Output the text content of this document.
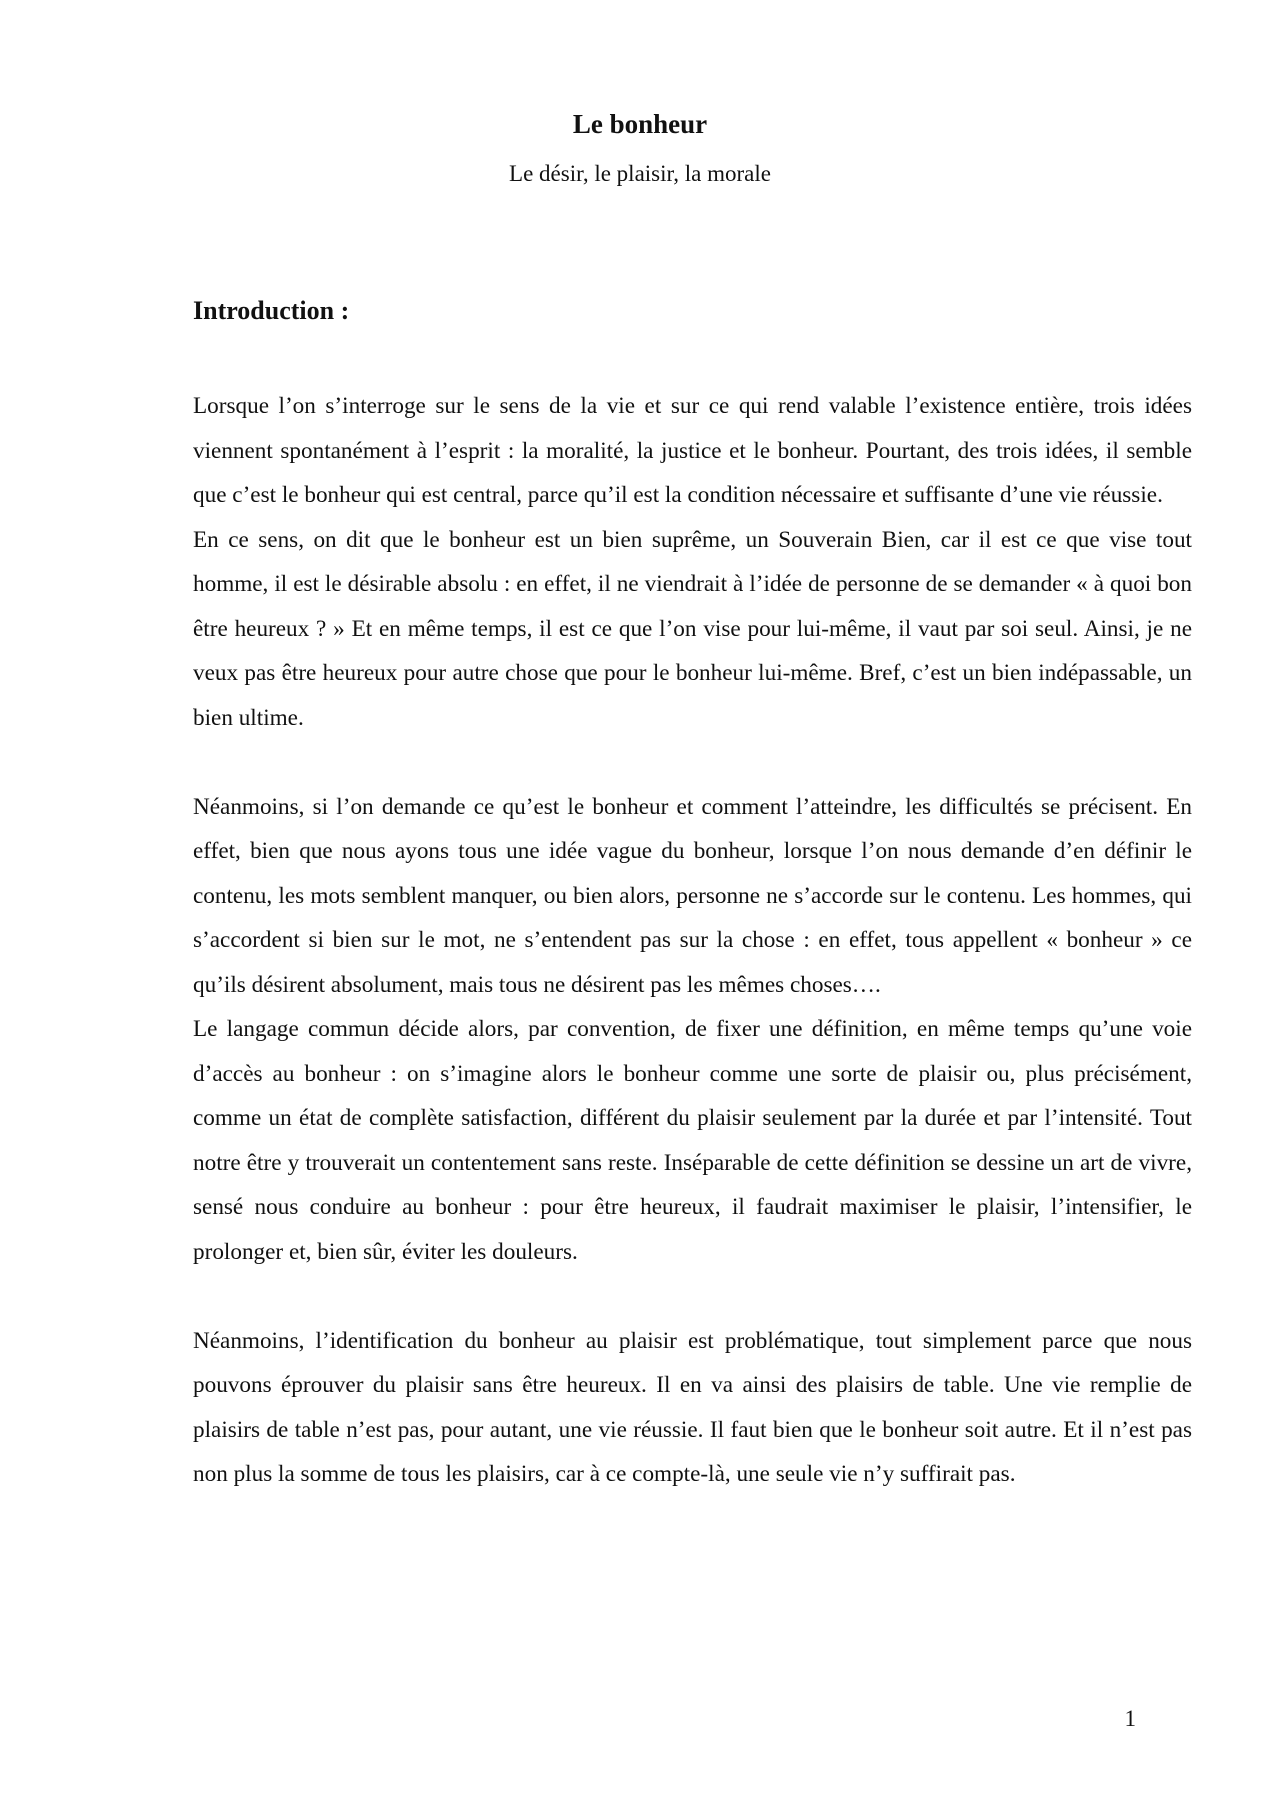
Le bonheur
Le désir, le plaisir, la morale
Introduction :

Lorsque l’on s’interroge sur le sens de la vie et sur ce qui rend valable l’existence entière, trois idées viennent spontanément à l’esprit : la moralité, la justice et le bonheur. Pourtant, des trois idées, il semble que c’est le bonheur qui est central, parce qu’il est la condition nécessaire et suffisante d’une vie réussie.

En ce sens, on dit que le bonheur est un bien suprême, un Souverain Bien, car il est ce que vise tout homme, il est le désirable absolu : en effet, il ne viendrait à l’idée de personne de se demander « à quoi bon être heureux ? » Et en même temps, il est ce que l’on vise pour lui-même, il vaut par soi seul. Ainsi, je ne veux pas être heureux pour autre chose que pour le bonheur lui-même. Bref, c’est un bien indépassable, un bien ultime.

Néanmoins, si l’on demande ce qu’est le bonheur et comment l’atteindre, les difficultés se précisent. En effet, bien que nous ayons tous une idée vague du bonheur, lorsque l’on nous demande d’en définir le contenu, les mots semblent manquer, ou bien alors, personne ne s’accorde sur le contenu. Les hommes, qui s’accordent si bien sur le mot, ne s’entendent pas sur la chose : en effet, tous appellent « bonheur » ce qu’ils désirent absolument, mais tous ne désirent pas les mêmes choses….

Le langage commun décide alors, par convention, de fixer une définition, en même temps qu’une voie d’accès au bonheur : on s’imagine alors le bonheur comme une sorte de plaisir ou, plus précisément, comme un état de complète satisfaction, différent du plaisir seulement par la durée et par l’intensité. Tout notre être y trouverait un contentement sans reste. Inséparable de cette définition se dessine un art de vivre, sensé nous conduire au bonheur : pour être heureux, il faudrait maximiser le plaisir, l’intensifier, le prolonger et, bien sûr, éviter les douleurs.

Néanmoins, l’identification du bonheur au plaisir est problématique, tout simplement parce que nous pouvons éprouver du plaisir sans être heureux. Il en va ainsi des plaisirs de table. Une vie remplie de plaisirs de table n’est pas, pour autant, une vie réussie. Il faut bien que le bonheur soit autre. Et il n’est pas non plus la somme de tous les plaisirs, car à ce compte-là, une seule vie n’y suffirait pas.

1
